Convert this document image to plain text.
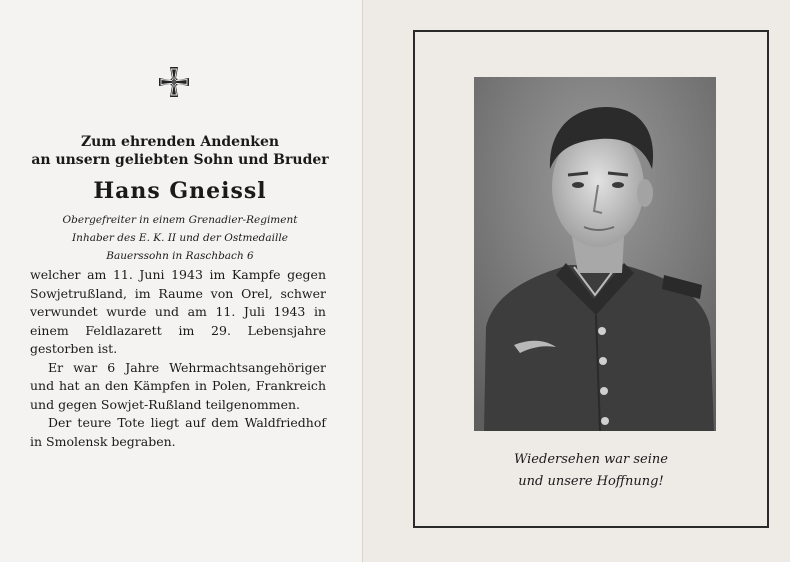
Zum ehrenden Andenken
an unsern geliebten Sohn und Bruder
Hans Gneissl
Obergefreiter in einem Grenadier-Regiment
Inhaber des E. K. II und der Ostmedaille
Bauerssohn in Raschbach 6

welcher am 11. Juni 1943 im Kampfe gegen Sowjetrußland, im Raume von Orel, schwer verwundet wurde und am 11. Juli 1943 in einem Feldlazarett im 29. Lebensjahre gestorben ist.

Er war 6 Jahre Wehrmachtsangehöriger und hat an den Kämpfen in Polen, Frankreich und gegen Sowjet-Rußland teilgenommen.

Der teure Tote liegt auf dem Waldfriedhof in Smolensk begraben.

Wiedersehen war seine
und unsere Hoffnung!
